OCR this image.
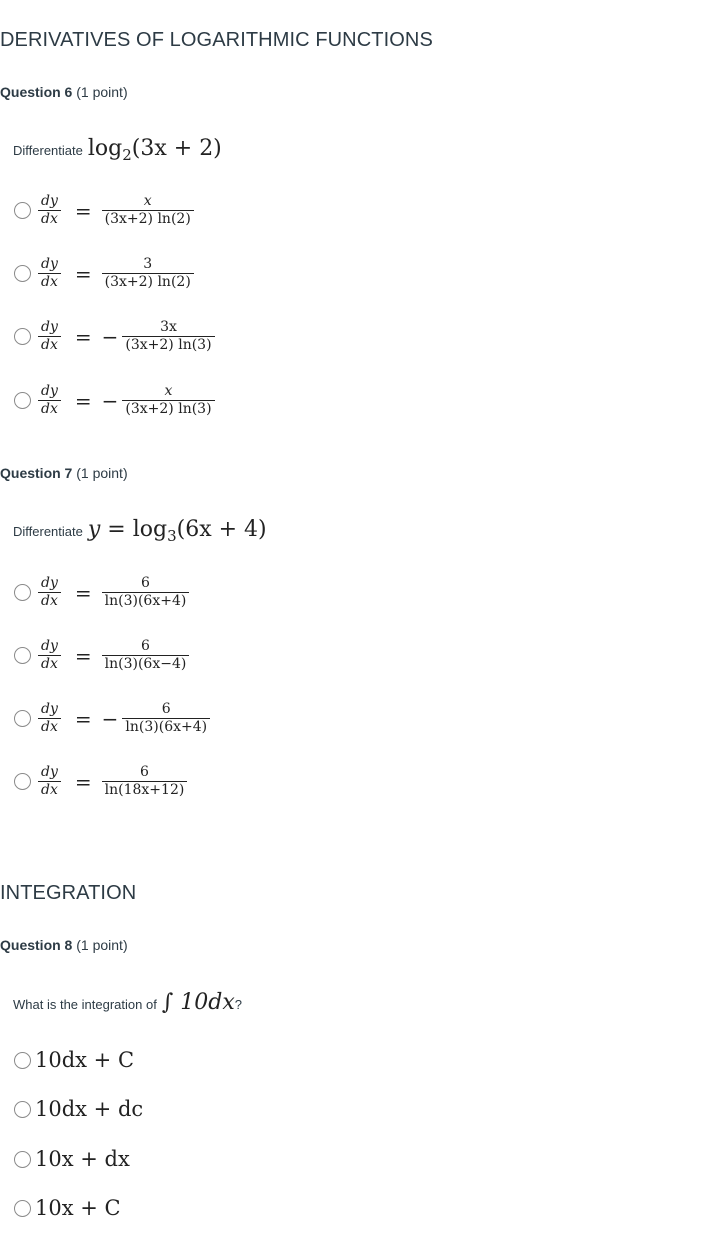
DERIVATIVES OF LOGARITHMIC FUNCTIONS
Question 6 (1 point)
Differentiate $\log_2(3x + 2)$
$\frac{dy}{dx} = \frac{x}{(3x+2) \ln(2)}$
$\frac{dy}{dx} = \frac{3}{(3x+2) \ln(2)}$
$\frac{dy}{dx}$ = − $\frac{3x}{(3x+2) \ln(3)}$
$\frac{dy}{dx}$ = − $\frac{x}{(3x+2) \ln(3)}$
Question 7 (1 point)
Differentiate $y = \log_3(6x + 4)$
$\frac{dy}{dx} = \frac{6}{\ln(3)(6x+4)}$
$\frac{dy}{dx} = \frac{6}{\ln(3)(6x-4)}$
$\frac{dy}{dx}$ = − $\frac{6}{\ln(3)(6x+4)}$
$\frac{dy}{dx} = \frac{6}{\ln(18x+12)}$
INTEGRATION
Question 8 (1 point)
What is the integration of ∫ 10dx ?
10dx + C
10dx + dc
10x + dx
10x + C
